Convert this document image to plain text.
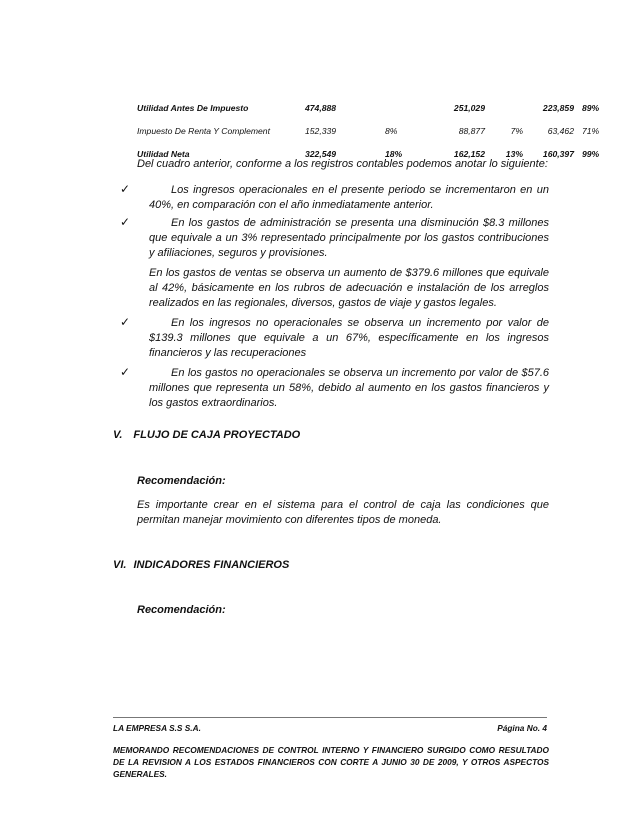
Utilidad Antes De Impuesto	474,888		251,029		223,859	89%
Impuesto De Renta Y Complement	152,339	8%	88,877	7%	63,462	71%
Utilidad Neta	322,549	18%	162,152	13%	160,397	99%
Del cuadro anterior, conforme a los registros contables podemos anotar lo siguiente:
✓	Los ingresos operacionales en el presente periodo se incrementaron en un 40%, en comparación con el año inmediatamente anterior.
✓	En los gastos de administración se presenta una disminución $8.3 millones que equivale a un 3% representado principalmente por los gastos contribuciones y afiliaciones, seguros y provisiones.
En los gastos de ventas se observa un aumento de $379.6 millones que equivale al 42%, básicamente en los rubros de adecuación e instalación de los arreglos realizados en las regionales, diversos, gastos de viaje y gastos legales.
✓	En los ingresos no operacionales se observa un incremento por valor de $139.3 millones que equivale a un 67%, específicamente en los ingresos financieros y las recuperaciones
✓	En los gastos no operacionales se observa un incremento por valor de $57.6 millones que representa un 58%, debido al aumento en los gastos financieros y los gastos extraordinarios.
V. FLUJO DE CAJA PROYECTADO
Recomendación:
Es importante crear en el sistema para el control de caja las condiciones que permitan manejar movimiento con diferentes tipos de moneda.
VI. INDICADORES FINANCIEROS
Recomendación:
LA EMPRESA S.S S.A.	Página No. 4
MEMORANDO RECOMENDACIONES DE CONTROL INTERNO Y FINANCIERO SURGIDO COMO RESULTADO DE LA REVISION A LOS ESTADOS FINANCIEROS CON CORTE A JUNIO 30 DE 2009, Y OTROS ASPECTOS GENERALES.
